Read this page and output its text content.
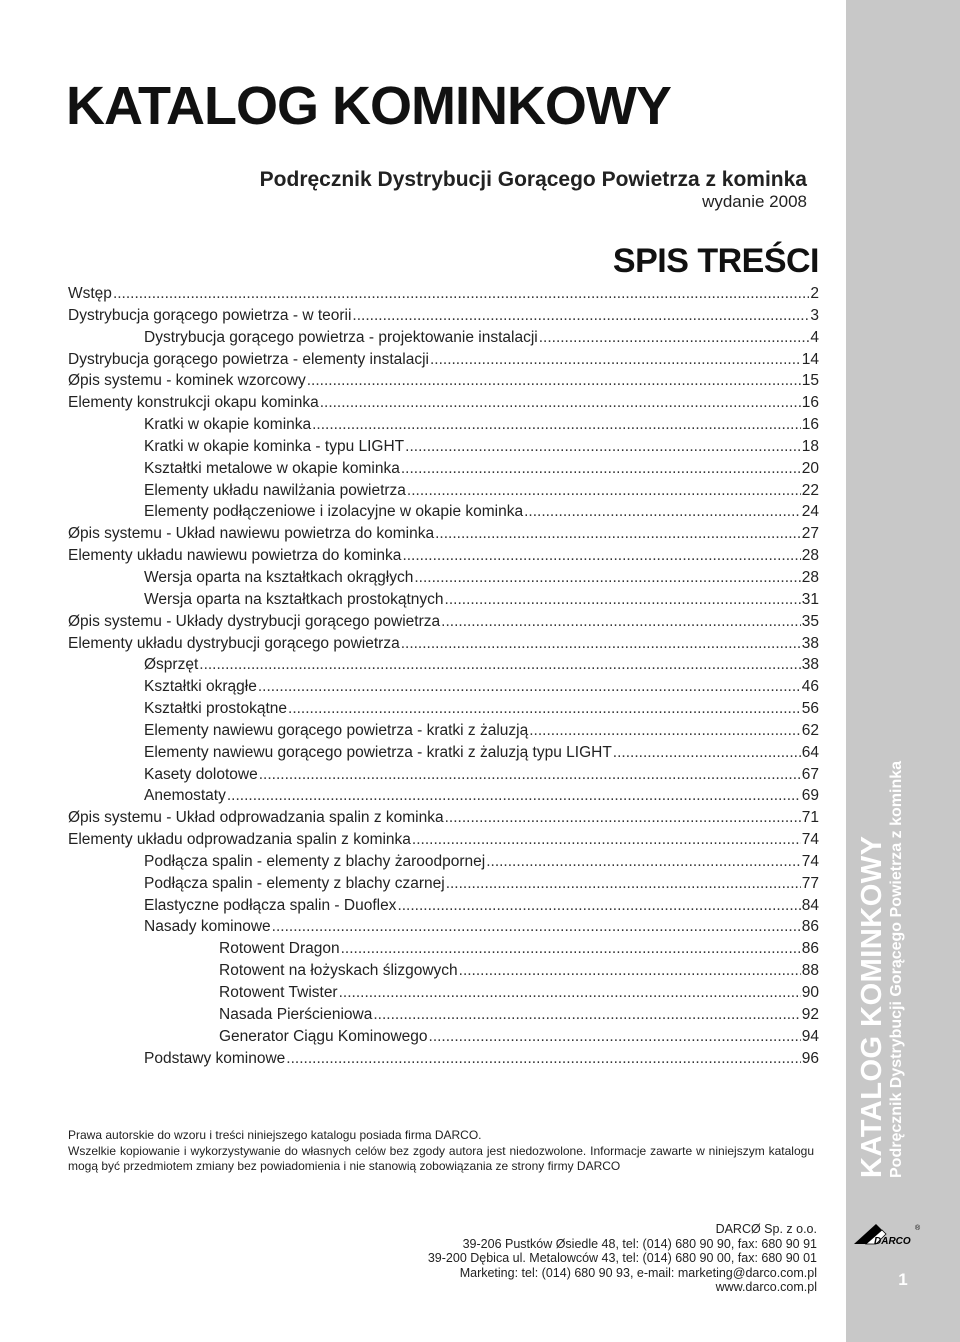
KATALOG KOMINKOWY Podręcznik Dystrybucji Gorącego Powietrza z kominka
1
KATALOG KOMINKOWY
Podręcznik Dystrybucji Gorącego Powietrza z kominka
wydanie 2008
SPIS TREŚCI
Wstęp .....	2
Dystrybucja gorącego powietrza - w teorii .....	3
Dystrybucja gorącego powietrza - projektowanie instalacji .....	4
Dystrybucja gorącego powietrza - elementy instalacji .....	14
Øpis systemu - kominek wzorcowy .....	15
Elementy konstrukcji okapu kominka .....	16
Kratki w okapie kominka .....	16
Kratki w okapie kominka - typu LIGHT .....	18
Kształtki metalowe w okapie kominka .....	20
Elementy układu nawilżania powietrza .....	22
Elementy podłączeniowe i izolacyjne w okapie kominka .....	24
Øpis systemu - Układ nawiewu powietrza do kominka .....	27
Elementy układu nawiewu powietrza do kominka .....	28
Wersja oparta na kształtkach okrągłych .....	28
Wersja oparta na kształtkach prostokątnych .....	31
Øpis systemu - Układy dystrybucji gorącego powietrza .....	35
Elementy układu dystrybucji gorącego powietrza .....	38
Øsprzęt .....	38
Kształtki okrągłe .....	46
Kształtki prostokątne .....	56
Elementy nawiewu gorącego powietrza - kratki z żaluzją .....	62
Elementy nawiewu gorącego powietrza - kratki z żaluzją typu LIGHT .....	64
Kasety dolotowe .....	67
Anemostaty .....	69
Øpis systemu - Układ odprowadzania spalin z kominka .....	71
Elementy układu odprowadzania spalin z kominka .....	74
Podłącza spalin - elementy z blachy żaroodpornej .....	74
Podłącza spalin - elementy z blachy czarnej .....	77
Elastyczne podłącza spalin - Duoflex .....	84
Nasady kominowe .....	86
Rotowent Dragon .....	86
Rotowent na łożyskach ślizgowych .....	88
Rotowent Twister .....	90
Nasada Pierścieniowa .....	92
Generator Ciągu Kominowego .....	94
Podstawy kominowe .....	96
Prawa autorskie do wzoru i treści niniejszego katalogu posiada firma DARCO.
Wszelkie kopiowanie i wykorzystywanie do własnych celów bez zgody autora jest niedozwolone. Informacje zawarte w niniejszym katalogu mogą być przedmiotem zmiany bez powiadomienia i nie stanowią zobowiązania ze strony firmy DARCO
DARCØ Sp. z o.o.
39-206 Pustków Øsiedle 48, tel: (014) 680 90 90, fax: 680 90 91
39-200 Dębica ul. Metalowców 43, tel: (014) 680 90 00, fax: 680 90 01
Marketing: tel: (014) 680 90 93, e-mail: marketing@darco.com.pl
www.darco.com.pl
DARCO
®
